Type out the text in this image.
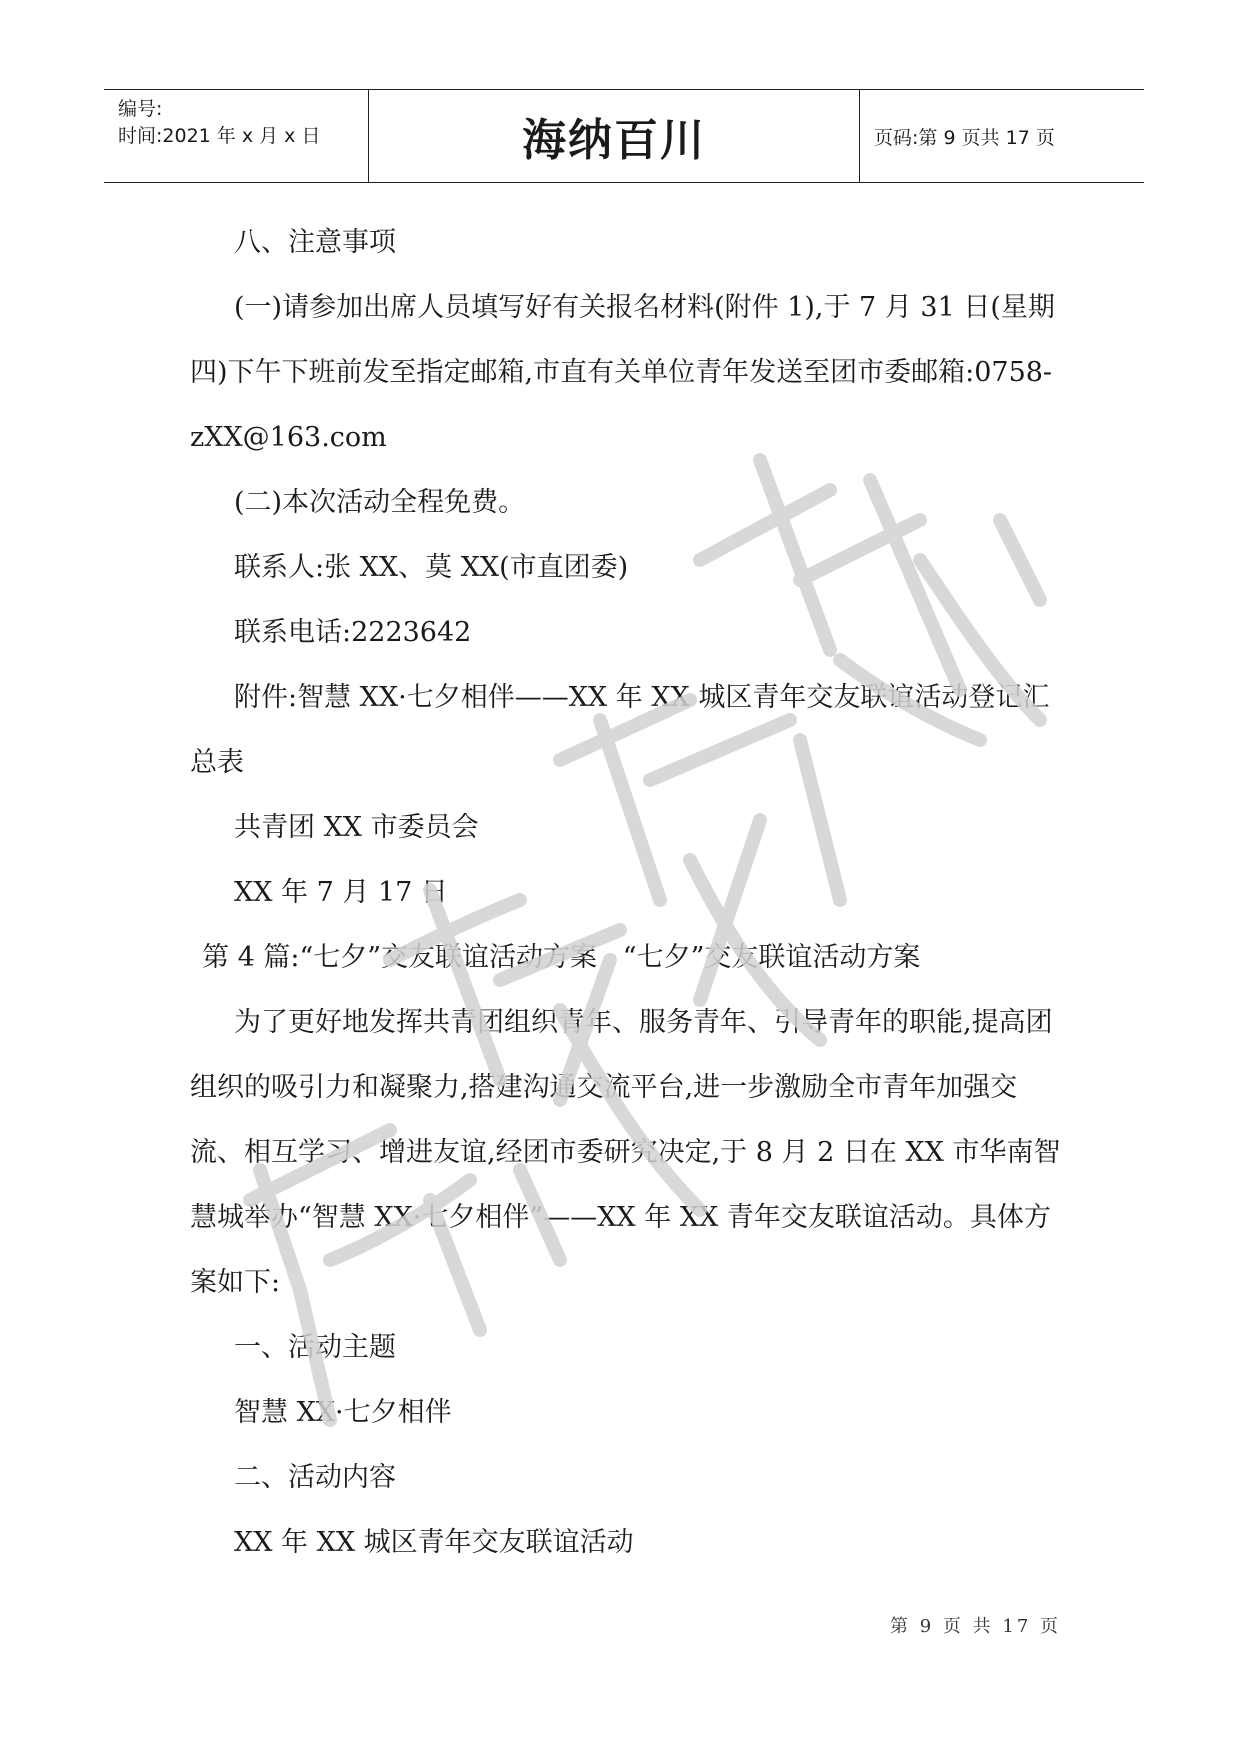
编号:
时间:2021 年 x 月 x 日	海纳百川	页码:第 9 页共 17 页

八、注意事项

(一)请参加出席人员填写好有关报名材料(附件 1),于 7 月 31 日(星期四)下午下班前发至指定邮箱,市直有关单位青年发送至团市委邮箱:0758-zXX@163.com

(二)本次活动全程免费。

联系人:张 XX、莫 XX(市直团委)

联系电话:2223642

附件:智慧 XX·七夕相伴——XX 年 XX 城区青年交友联谊活动登记汇总表

共青团 XX 市委员会

XX 年 7 月 17 日

第 4 篇:“七夕”交友联谊活动方案   “七夕”交友联谊活动方案

为了更好地发挥共青团组织青年、服务青年、引导青年的职能,提高团组织的吸引力和凝聚力,搭建沟通交流平台,进一步激励全市青年加强交流、相互学习、增进友谊,经团市委研究决定,于 8 月 2 日在 XX 市华南智慧城举办“智慧 XX·七夕相伴”——XX 年 XX 青年交友联谊活动。具体方案如下:

一、活动主题

智慧 XX·七夕相伴

二、活动内容

XX 年 XX 城区青年交友联谊活动

第 9 页 共 17 页
